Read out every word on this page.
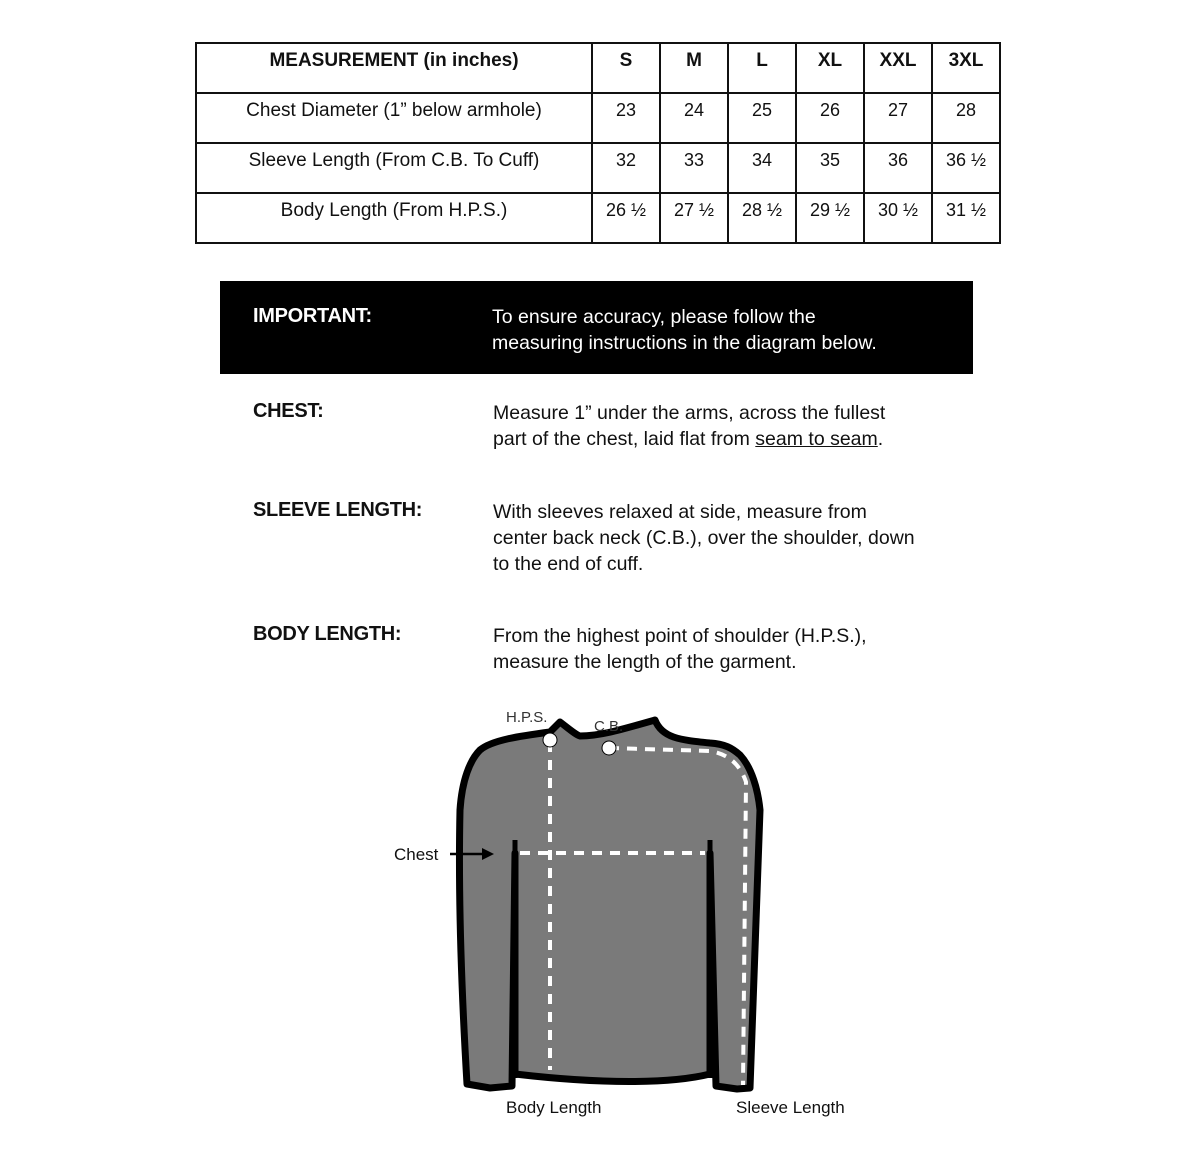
MEASUREMENT (in inches)	S	M	L	XL	XXL	3XL
Chest Diameter (1” below armhole)	23	24	25	26	27	28
Sleeve Length (From C.B. To Cuff)	32	33	34	35	36	36 ½
Body Length (From H.P.S.)	26 ½	27 ½	28 ½	29 ½	30 ½	31 ½
IMPORTANT:	To ensure accuracy, please follow the
measuring instructions in the diagram below.
CHEST:	Measure 1” under the arms, across the fullest
part of the chest, laid flat from seam to seam.
SLEEVE LENGTH:	With sleeves relaxed at side, measure from
center back neck (C.B.), over the shoulder, down
to the end of cuff.
BODY LENGTH:	From the highest point of shoulder (H.P.S.),
measure the length of the garment.
H.P.S.
C.B.
Chest
Body Length	Sleeve Length
